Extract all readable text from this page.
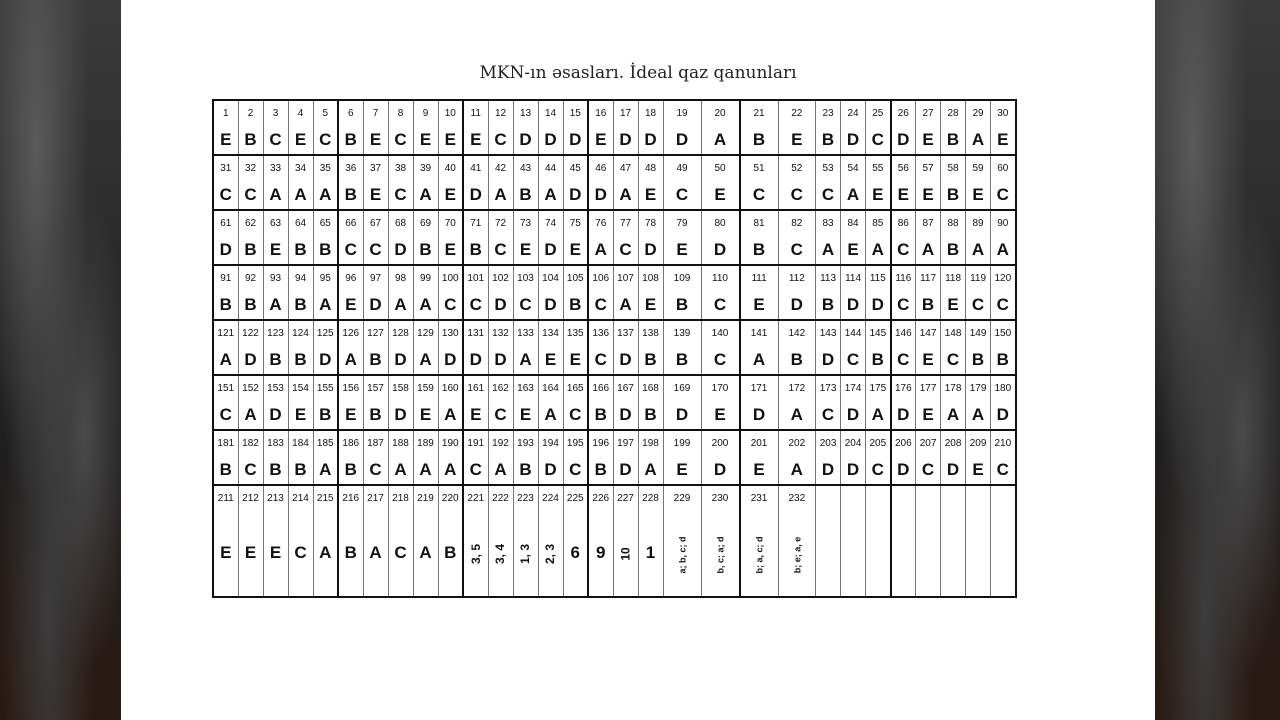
MKN-ın əsasları. İdeal qaz qanunları
1	2	3	4	5	6	7	8	9	10	11	12	13	14	15	16	17	18	19	20	21	22	23	24	25	26	27	28	29	30
E	B	C	E	C	B	E	C	E	E	E	C	D	D	D	E	D	D	D	A	B	E	B	D	C	D	E	B	A	E
31	32	33	34	35	36	37	38	39	40	41	42	43	44	45	46	47	48	49	50	51	52	53	54	55	56	57	58	59	60
C	C	A	A	A	B	E	C	A	E	D	A	B	A	D	D	A	E	C	E	C	C	C	A	E	E	E	B	E	C
61	62	63	64	65	66	67	68	69	70	71	72	73	74	75	76	77	78	79	80	81	82	83	84	85	86	87	88	89	90
D	B	E	B	B	C	C	D	B	E	B	C	E	D	E	A	C	D	E	D	B	C	A	E	A	C	A	B	A	A
91	92	93	94	95	96	97	98	99	100	101	102	103	104	105	106	107	108	109	110	111	112	113	114	115	116	117	118	119	120
B	B	A	B	A	E	D	A	A	C	C	D	C	D	B	C	A	E	B	C	E	D	B	D	D	C	B	E	C	C
121	122	123	124	125	126	127	128	129	130	131	132	133	134	135	136	137	138	139	140	141	142	143	144	145	146	147	148	149	150
A	D	B	B	D	A	B	D	A	D	D	D	A	E	E	C	D	B	B	C	A	B	D	C	B	C	E	C	B	B
151	152	153	154	155	156	157	158	159	160	161	162	163	164	165	166	167	168	169	170	171	172	173	174	175	176	177	178	179	180
C	A	D	E	B	E	B	D	E	A	E	C	E	A	C	B	D	B	D	E	D	A	C	D	A	D	E	A	A	D
181	182	183	184	185	186	187	188	189	190	191	192	193	194	195	196	197	198	199	200	201	202	203	204	205	206	207	208	209	210
B	C	B	B	A	B	C	A	A	A	C	A	B	D	C	B	D	A	E	D	E	A	D	D	C	D	C	D	E	C
211	212	213	214	215	216	217	218	219	220	221	222	223	224	225	226	227	228	229	230	231	232								
E	E	E	C	A	B	A	C	A	B	3, 5	3, 4	1, 3	2, 3	6	9	10	1	a; b, c; d	b, c; a; d	b; a, c; d	b; e; a, e								
